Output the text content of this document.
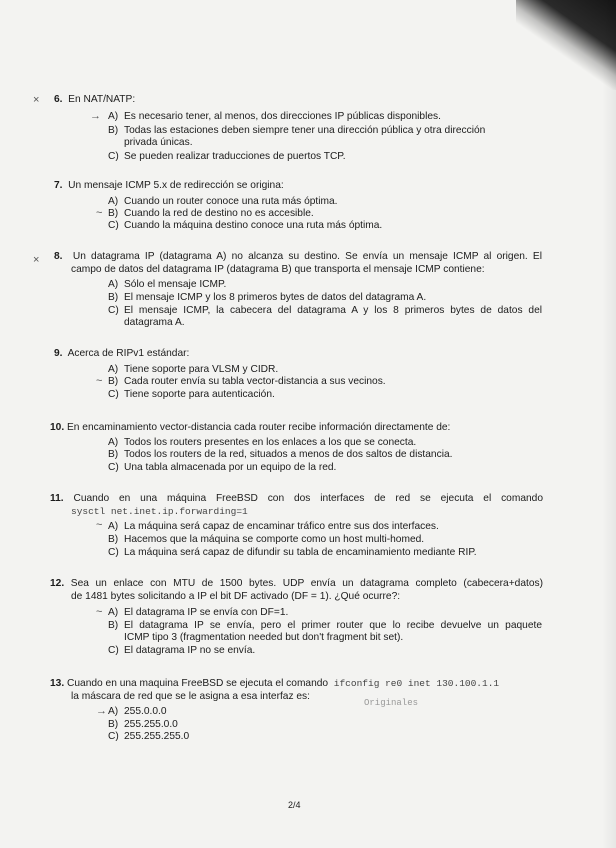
× 6. En NAT/NATP:
→ A) Es necesario tener, al menos, dos direcciones IP públicas disponibles.
B) Todas las estaciones deben siempre tener una dirección pública y otra dirección
privada únicas.
C) Se pueden realizar traducciones de puertos TCP.
7. Un mensaje ICMP 5.x de redirección se origina:
A) Cuando un router conoce una ruta más óptima.
~ B) Cuando la red de destino no es accesible.
C) Cuando la máquina destino conoce una ruta más óptima.
× 8. Un datagrama IP (datagrama A) no alcanza su destino. Se envía un mensaje ICMP al origen. El
campo de datos del datagrama IP (datagrama B) que transporta el mensaje ICMP contiene:
A) Sólo el mensaje ICMP.
B) El mensaje ICMP y los 8 primeros bytes de datos del datagrama A.
C) El mensaje ICMP, la cabecera del datagrama A y los 8 primeros bytes de datos del
datagrama A.
9. Acerca de RIPv1 estándar:
A) Tiene soporte para VLSM y CIDR.
~ B) Cada router envía su tabla vector-distancia a sus vecinos.
C) Tiene soporte para autenticación.
10. En encaminamiento vector-distancia cada router recibe información directamente de:
A) Todos los routers presentes en los enlaces a los que se conecta.
B) Todos los routers de la red, situados a menos de dos saltos de distancia.
C) Una tabla almacenada por un equipo de la red.
11. Cuando en una máquina FreeBSD con dos interfaces de red se ejecuta el comando
sysctl net.inet.ip.forwarding=1
~ A) La máquina será capaz de encaminar tráfico entre sus dos interfaces.
B) Hacemos que la máquina se comporte como un host multi-homed.
C) La máquina será capaz de difundir su tabla de encaminamiento mediante RIP.
12. Sea un enlace con MTU de 1500 bytes. UDP envía un datagrama completo (cabecera+datos)
de 1481 bytes solicitando a IP el bit DF activado (DF = 1). ¿Qué ocurre?:
~ A) El datagrama IP se envía con DF=1.
B) El datagrama IP se envía, pero el primer router que lo recibe devuelve un paquete
ICMP tipo 3 (fragmentation needed but don't fragment bit set).
C) El datagrama IP no se envía.
13. Cuando en una maquina FreeBSD se ejecuta el comando ifconfig re0 inet 130.100.1.1
la máscara de red que se le asigna a esa interfaz es:
Originales
→ A) 255.0.0.0
B) 255.255.0.0
C) 255.255.255.0
2/4
